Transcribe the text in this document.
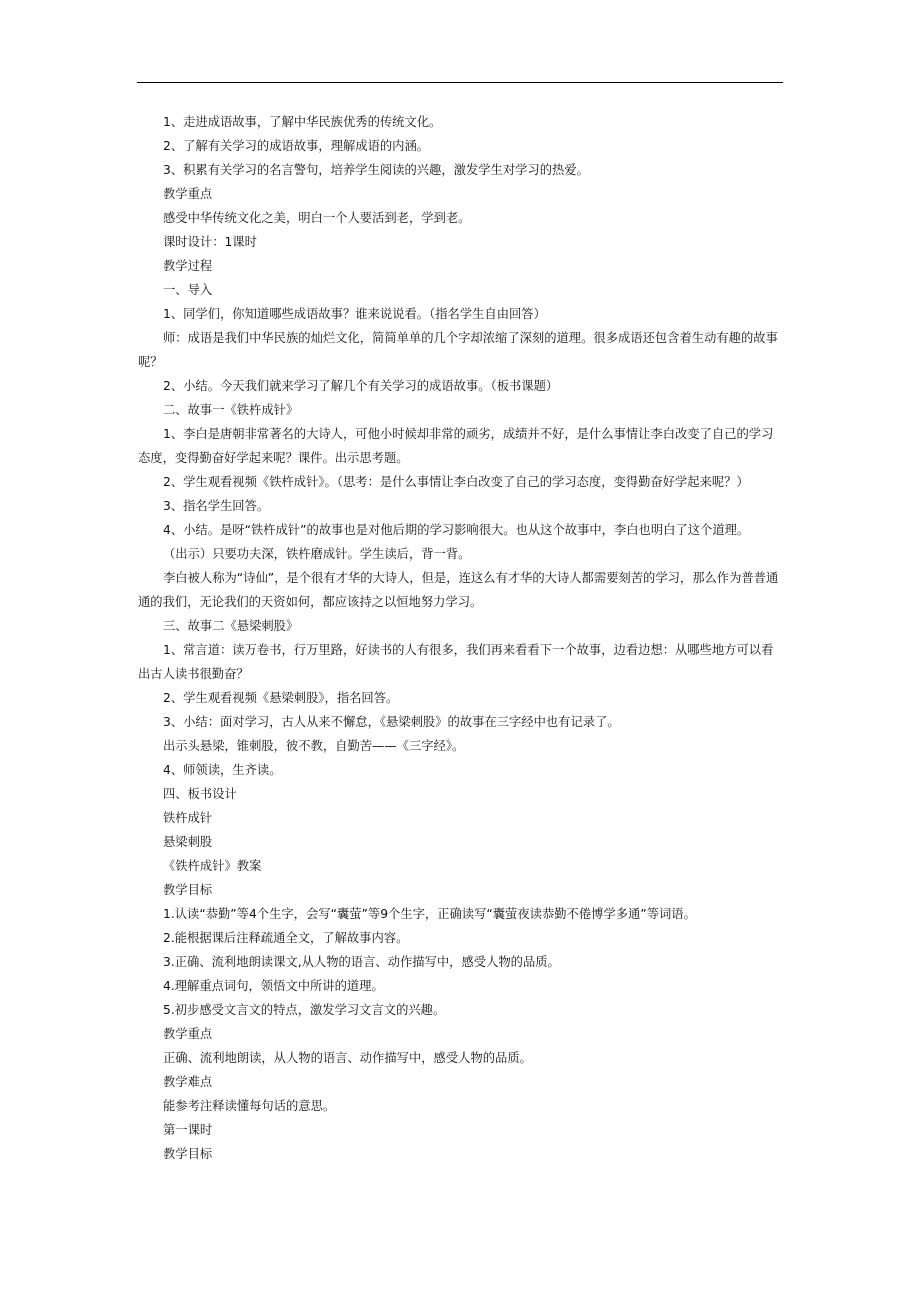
1、走进成语故事，了解中华民族优秀的传统文化。

2、了解有关学习的成语故事，理解成语的内涵。

3、积累有关学习的名言警句，培养学生阅读的兴趣，激发学生对学习的热爱。

教学重点

感受中华传统文化之美，明白一个人要活到老，学到老。

课时设计：1课时

教学过程

一、导入

1、同学们，你知道哪些成语故事？谁来说说看。（指名学生自由回答）

师：成语是我们中华民族的灿烂文化，简简单单的几个字却浓缩了深刻的道理。很多成语还包含着生动有趣的故事呢？

2、小结。今天我们就来学习了解几个有关学习的成语故事。（板书课题）

二、故事一《铁杵成针》

1、李白是唐朝非常著名的大诗人，可他小时候却非常的顽劣，成绩并不好，是什么事情让李白改变了自己的学习态度，变得勤奋好学起来呢？课件。出示思考题。

2、学生观看视频《铁杵成针》。（思考：是什么事情让李白改变了自己的学习态度，变得勤奋好学起来呢？）

3、指名学生回答。

4、小结。是呀“铁杵成针”的故事也是对他后期的学习影响很大。也从这个故事中，李白也明白了这个道理。

（出示）只要功夫深，铁杵磨成针。学生读后，背一背。

李白被人称为“诗仙”，是个很有才华的大诗人，但是，连这么有才华的大诗人都需要刻苦的学习，那么作为普普通通的我们，无论我们的天资如何，都应该持之以恒地努力学习。

三、故事二《悬梁刺股》

1、常言道：读万卷书，行万里路，好读书的人有很多，我们再来看看下一个故事，边看边想：从哪些地方可以看出古人读书很勤奋？

2、学生观看视频《悬梁刺股》，指名回答。

3、小结：面对学习，古人从来不懈怠，《悬梁刺股》的故事在三字经中也有记录了。

出示头悬梁，锥刺股，彼不教，自勤苦——《三字经》。

4、师领读，生齐读。

四、板书设计

铁杵成针

悬梁刺股

《铁杵成针》教案

教学目标

1.认读“恭勤”等4个生字，会写“囊萤”等9个生字，正确读写“囊萤夜读恭勤不倦博学多通”等词语。

2.能根据课后注释疏通全文，了解故事内容。

3.正确、流利地朗读课文,从人物的语言、动作描写中，感受人物的品质。

4.理解重点词句，领悟文中所讲的道理。

5.初步感受文言文的特点，激发学习文言文的兴趣。

教学重点

正确、流利地朗读，从人物的语言、动作描写中，感受人物的品质。

教学难点

能参考注释读懂每句话的意思。

第一课时

教学目标
